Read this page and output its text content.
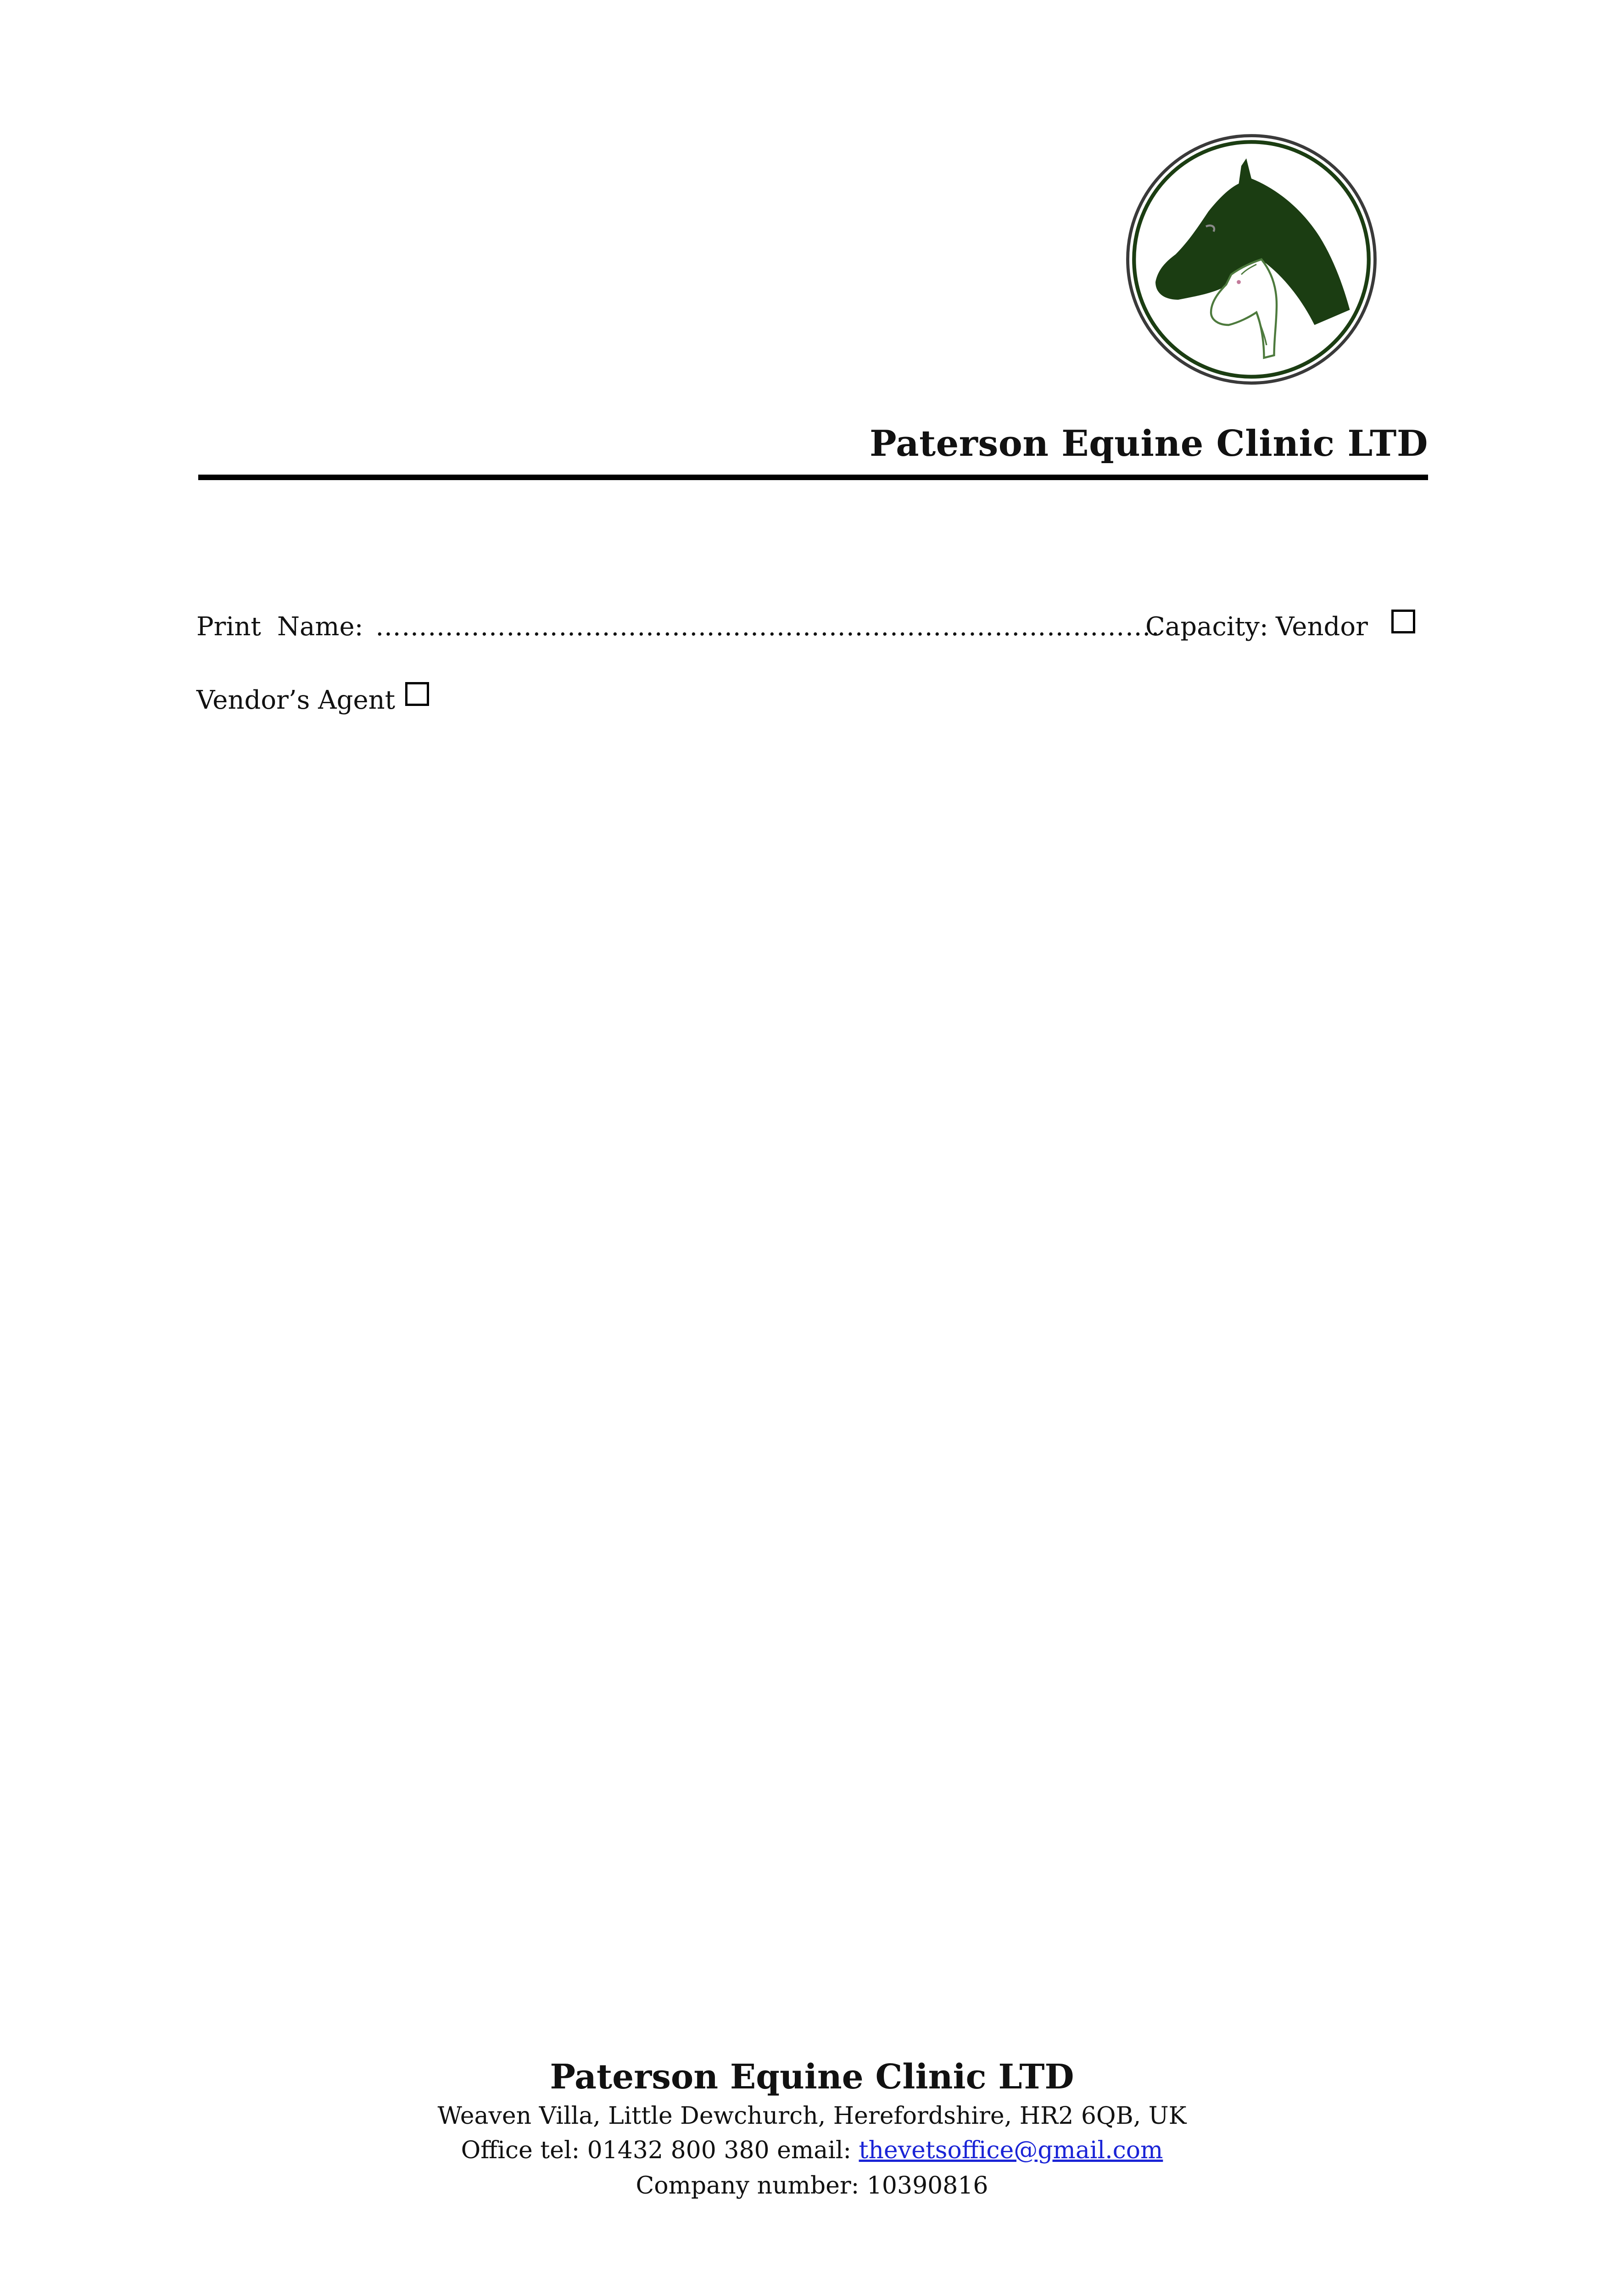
Paterson Equine Clinic LTD
Print Name: ………………………………………………..…………………………….
Capacity: Vendor
Vendor’s Agent
Paterson Equine Clinic LTD
Weaven Villa, Little Dewchurch, Herefordshire, HR2 6QB, UK
Office tel: 01432 800 380 email: thevetsoffice@gmail.com
Company number: 10390816
